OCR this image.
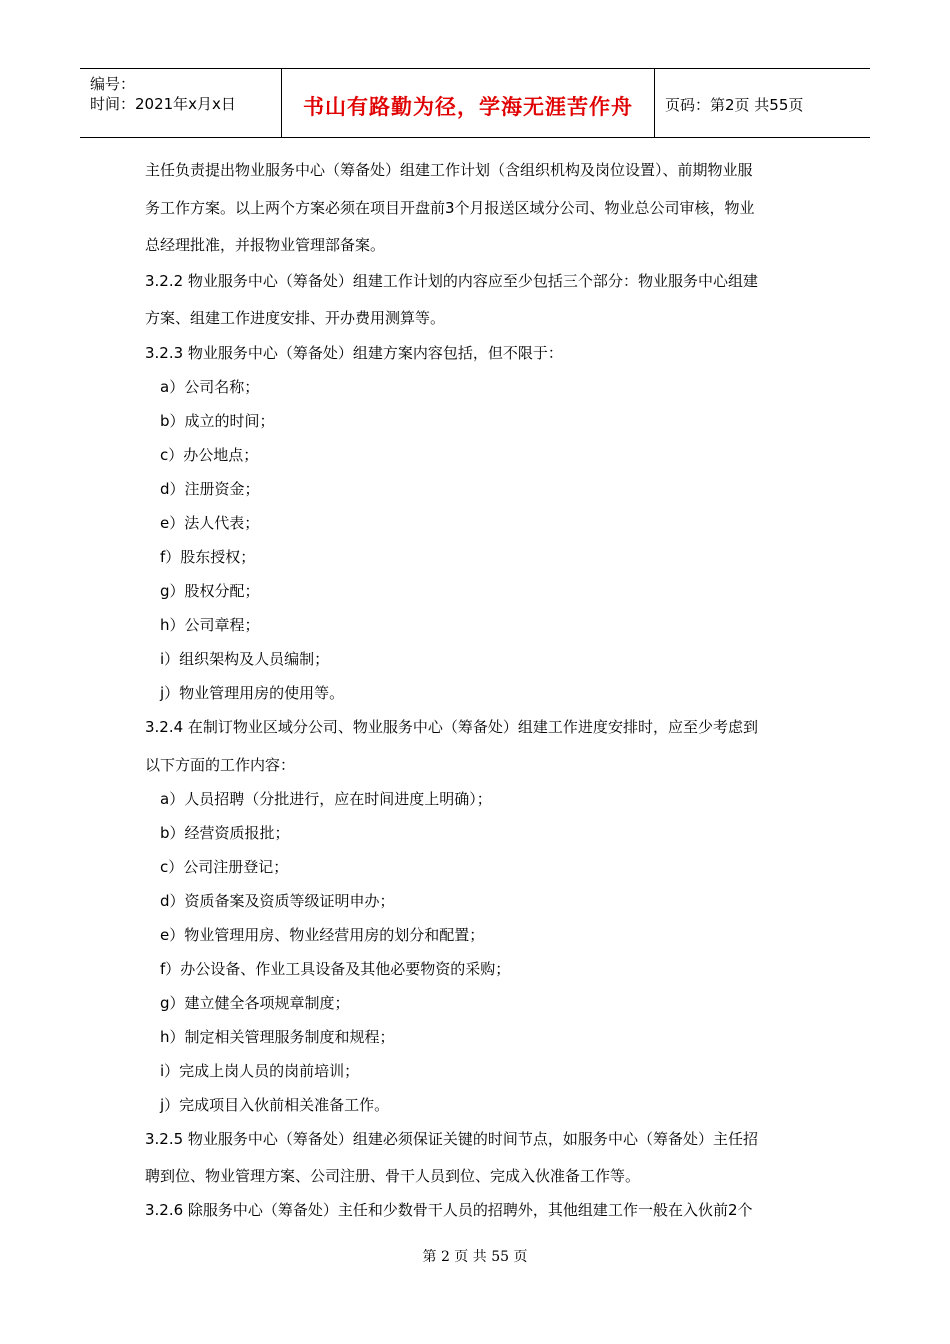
编号：
时间：2021年x月x日	书山有路勤为径，学海无涯苦作舟	页码：第2页 共55页
主任负责提出物业服务中心（筹备处）组建工作计划（含组织机构及岗位设置）、前期物业服
务工作方案。以上两个方案必须在项目开盘前3个月报送区域分公司、物业总公司审核，物业
总经理批准，并报物业管理部备案。
3.2.2 物业服务中心（筹备处）组建工作计划的内容应至少包括三个部分：物业服务中心组建
方案、组建工作进度安排、开办费用测算等。
3.2.3 物业服务中心（筹备处）组建方案内容包括，但不限于：
a）公司名称；
b）成立的时间；
c）办公地点；
d）注册资金；
e）法人代表；
f）股东授权；
g）股权分配；
h）公司章程；
i）组织架构及人员编制；
j）物业管理用房的使用等。
3.2.4 在制订物业区域分公司、物业服务中心（筹备处）组建工作进度安排时，应至少考虑到
以下方面的工作内容：
a）人员招聘（分批进行，应在时间进度上明确）；
b）经营资质报批；
c）公司注册登记；
d）资质备案及资质等级证明申办；
e）物业管理用房、物业经营用房的划分和配置；
f）办公设备、作业工具设备及其他必要物资的采购；
g）建立健全各项规章制度；
h）制定相关管理服务制度和规程；
i）完成上岗人员的岗前培训；
j）完成项目入伙前相关准备工作。
3.2.5 物业服务中心（筹备处）组建必须保证关键的时间节点，如服务中心（筹备处）主任招
聘到位、物业管理方案、公司注册、骨干人员到位、完成入伙准备工作等。
3.2.6 除服务中心（筹备处）主任和少数骨干人员的招聘外，其他组建工作一般在入伙前2个
第 2 页 共 55 页
